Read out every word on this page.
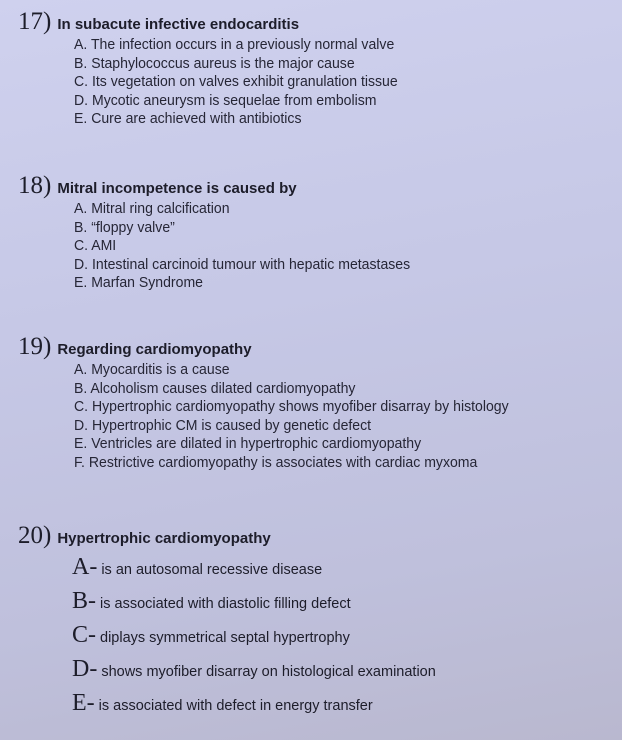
17) In subacute infective endocarditis
A. The infection occurs in a previously normal valve
B. Staphylococcus aureus is the major cause
C. Its vegetation on valves exhibit granulation tissue
D. Mycotic aneurysm is sequelae from embolism
E. Cure are achieved with antibiotics
18) Mitral incompetence is caused by
A. Mitral ring calcification
B. “floppy valve”
C. AMI
D. Intestinal carcinoid tumour with hepatic metastases
E. Marfan Syndrome
19) Regarding cardiomyopathy
A. Myocarditis is a cause
B. Alcoholism causes dilated cardiomyopathy
C. Hypertrophic cardiomyopathy shows myofiber disarray by histology
D. Hypertrophic CM is caused by genetic defect
E. Ventricles are dilated in hypertrophic cardiomyopathy
F. Restrictive cardiomyopathy is associates with cardiac myxoma
20) Hypertrophic cardiomyopathy
A- is an autosomal recessive disease
B- is associated with diastolic filling defect
C- diplays symmetrical septal hypertrophy
D- shows myofiber disarray on histological examination
E- is associated with defect in energy transfer
